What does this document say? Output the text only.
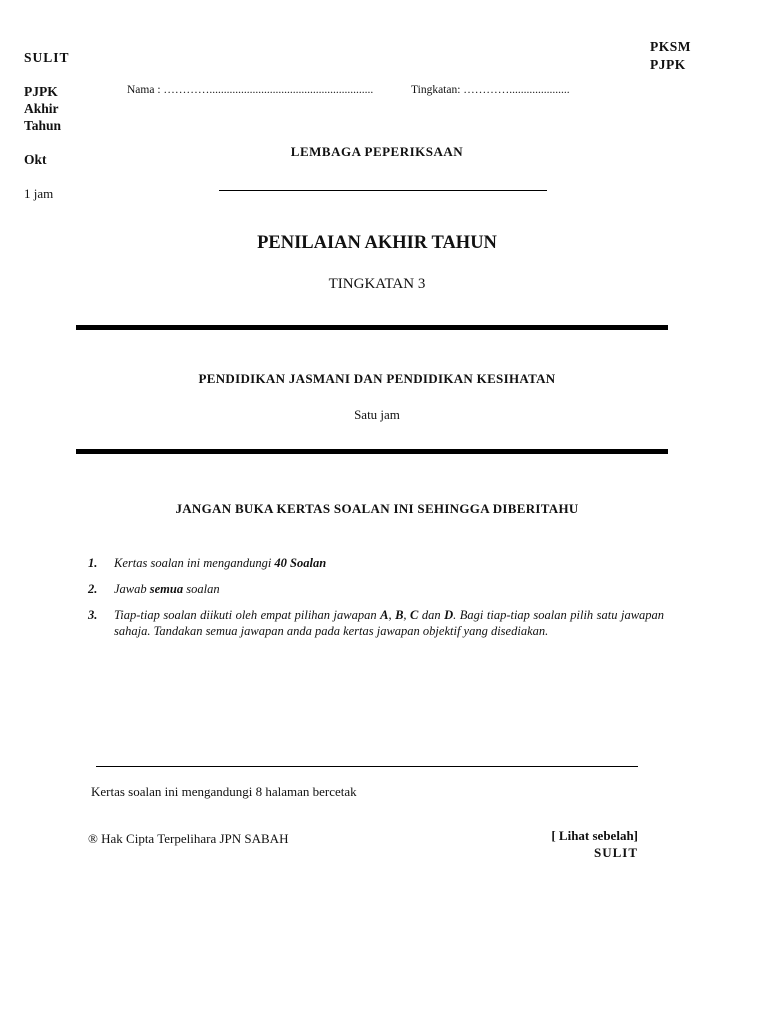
SULIT
PJPK
Akhir
Tahun
Okt
1 jam
PKSM
PJPK
Nama : ………….........................................................	Tingkatan: ………….....................
LEMBAGA PEPERIKSAAN
PENILAIAN AKHIR TAHUN
TINGKATAN 3
PENDIDIKAN JASMANI DAN PENDIDIKAN KESIHATAN
Satu jam
JANGAN BUKA KERTAS SOALAN INI SEHINGGA DIBERITAHU
1. Kertas soalan ini mengandungi 40 Soalan
2. Jawab semua soalan
3. Tiap-tiap soalan diikuti oleh empat pilihan jawapan A, B, C dan D. Bagi tiap-tiap soalan pilih satu jawapan sahaja. Tandakan semua jawapan anda pada kertas jawapan objektif yang disediakan.
Kertas soalan ini mengandungi 8 halaman bercetak
® Hak Cipta Terpelihara JPN SABAH	[ Lihat sebelah]
SULIT
